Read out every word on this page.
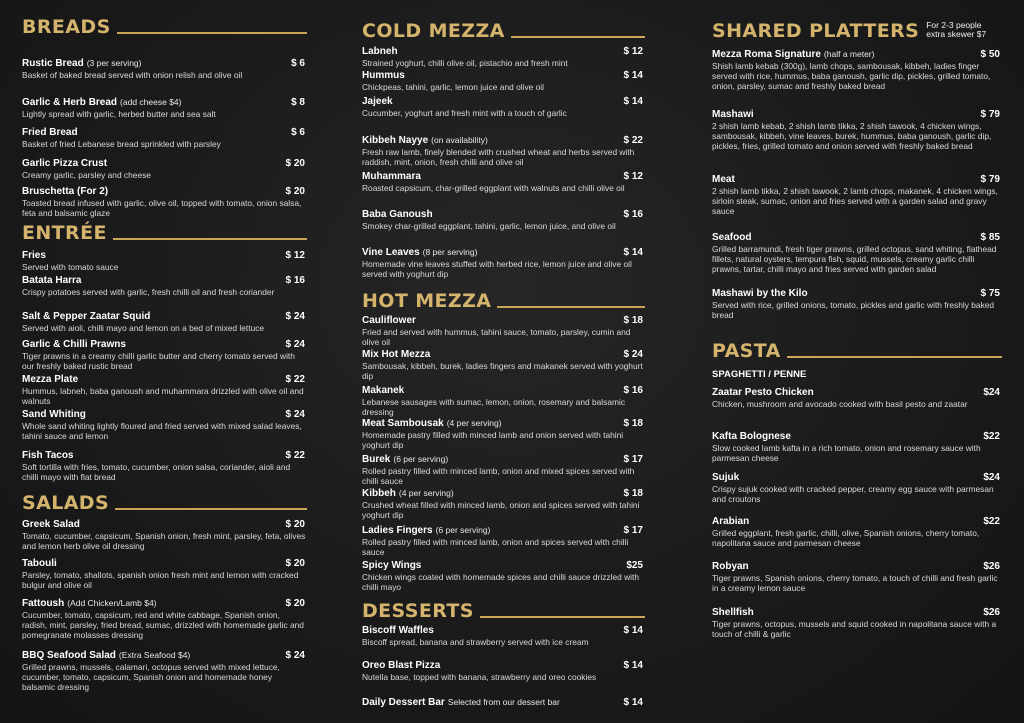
BREADS
Rustic Bread (3 per serving)	$ 6
Basket of baked bread served with onion relish and olive oil
Garlic & Herb Bread (add cheese $4)	$ 8
Lightly spread with garlic, herbed butter and sea salt
Fried Bread	$ 6
Basket of fried Lebanese bread sprinkled with parsley
Garlic Pizza Crust	$ 20
Creamy garlic, parsley and cheese
Bruschetta (For 2)	$ 20
Toasted bread infused with garlic, olive oil, topped with tomato, onion salsa, feta and balsamic glaze
ENTRÉE
Fries	$ 12
Served with tomato sauce
Batata Harra	$ 16
Crispy potatoes served with garlic, fresh chilli oil and fresh coriander
Salt & Pepper Zaatar Squid	$ 24
Served with aioli, chilli mayo and lemon on a bed of mixed lettuce
Garlic & Chilli Prawns	$ 24
Tiger prawns in a creamy chilli garlic butter and cherry tomato served with our freshly baked rustic bread
Mezza Plate	$ 22
Hummus, labneh, baba ganoush and muhammara drizzled with olive oil and walnuts
Sand Whiting	$ 24
Whole sand whiting lightly floured and fried served with mixed salad leaves, tahini sauce and lemon
Fish Tacos	$ 22
Soft tortilla with fries, tomato, cucumber, onion salsa, coriander, aioli and chilli mayo with flat bread
SALADS
Greek Salad	$ 20
Tomato, cucumber, capsicum, Spanish onion, fresh mint, parsley, feta, olives and lemon herb olive oil dressing
Tabouli	$ 20
Parsley, tomato, shallots, spanish onion fresh mint and lemon with cracked bulgur and olive oil
Fattoush (Add Chicken/Lamb $4)	$ 20
Cucumber, tomato, capsicum, red and white cabbage, Spanish onion, radish, mint, parsley, fried bread, sumac, drizzled with homemade garlic and pomegranate molasses dressing
BBQ Seafood Salad (Extra Seafood $4)	$ 24
Grilled prawns, mussels, calamari, octopus served with mixed lettuce, cucumber, tomato, capsicum, Spanish onion and homemade honey balsamic dressing
COLD MEZZA
Labneh	$ 12
Strained yoghurt, chilli olive oil, pistachio and fresh mint
Hummus	$ 14
Chickpeas, tahini, garlic, lemon juice and olive oil
Jajeek	$ 14
Cucumber, yoghurt and fresh mint with a touch of garlic
Kibbeh Nayye (on availability)	$ 22
Fresh raw lamb, finely blended with crushed wheat and herbs served with raddish, mint, onion, fresh chilli and olive oil
Muhammara	$ 12
Roasted capsicum, char-grilled eggplant with walnuts and chilli olive oil
Baba Ganoush	$ 16
Smokey char-grilled eggplant, tahini, garlic, lemon juice, and olive oil
Vine Leaves (8 per serving)	$ 14
Homemade vine leaves stuffed with herbed rice, lemon juice and olive oil served with yoghurt dip
HOT MEZZA
Cauliflower	$ 18
Fried and served with hummus, tahini sauce, tomato, parsley, cumin and olive oil
Mix Hot Mezza	$ 24
Sambousak, kibbeh, burek, ladies fingers and makanek served with yoghurt dip
Makanek	$ 16
Lebanese sausages with sumac, lemon, onion, rosemary and balsamic dressing
Meat Sambousak (4 per serving)	$ 18
Homemade pastry filled with minced lamb and onion served with tahini yoghurt dip
Burek (6 per serving)	$ 17
Rolled pastry filled with minced lamb, onion and mixed spices served with chilli sauce
Kibbeh (4 per serving)	$ 18
Crushed wheat filled with minced lamb, onion and spices served with tahini yoghurt dip
Ladies Fingers (6 per serving)	$ 17
Rolled pastry filled with minced lamb, onion and spices served with chilli sauce
Spicy Wings	$25
Chicken wings coated with homemade spices and chilli sauce drizzled with chilli mayo
DESSERTS
Biscoff Waffles	$ 14
Biscoff spread, banana and strawberry served with ice cream
Oreo Blast Pizza	$ 14
Nutella base, topped with banana, strawberry and oreo cookies
Daily Dessert Bar Selected from our dessert bar	$ 14
SHARED PLATTERS For 2-3 people extra skewer $7
Mezza Roma Signature (half a meter)	$ 50
Shish lamb kebab (300g), lamb chops, sambousak, kibbeh, ladies finger served with rice, hummus, baba ganoush, garlic dip, pickles, grilled tomato, onion, parsley, sumac and freshly baked bread
Mashawi	$ 79
2 shish lamb kebab, 2 shish lamb tikka, 2 shish tawook, 4 chicken wings, sambousak, kibbeh, vine leaves, burek, hummus, baba ganoush, garlic dip, pickles, fries, grilled tomato and onion served with freshly baked bread
Meat	$ 79
2 shish lamb tikka, 2 shish tawook, 2 lamb chops, makanek, 4 chicken wings, sirloin steak, sumac, onion and fries served with a garden salad and gravy sauce
Seafood	$ 85
Grilled barramundi, fresh tiger prawns, grilled octopus, sand whiting, flathead fillets, natural oysters, tempura fish, squid, mussels, creamy garlic chilli prawns, tartar, chilli mayo and fries served with garden salad
Mashawi by the Kilo	$ 75
Served with rice, grilled onions, tomato, pickles and garlic with freshly baked bread
PASTA
SPAGHETTI / PENNE
Zaatar Pesto Chicken	$24
Chicken, mushroom and avocado cooked with basil pesto and zaatar
Kafta Bolognese	$22
Slow cooked lamb kafta in a rich tomato, onion and rosemary sauce with parmesan cheese
Sujuk	$24
Crispy sujuk cooked with cracked pepper, creamy egg sauce with parmesan and croutons
Arabian	$22
Grilled eggplant, fresh garlic, chilli, olive, Spanish onions, cherry tomato, napolitana sauce and parmesan cheese
Robyan	$26
Tiger prawns, Spanish onions, cherry tomato, a touch of chilli and fresh garlic in a creamy lemon sauce
Shellfish	$26
Tiger prawns, octopus, mussels and squid cooked in napolitana sauce with a touch of chilli & garlic
